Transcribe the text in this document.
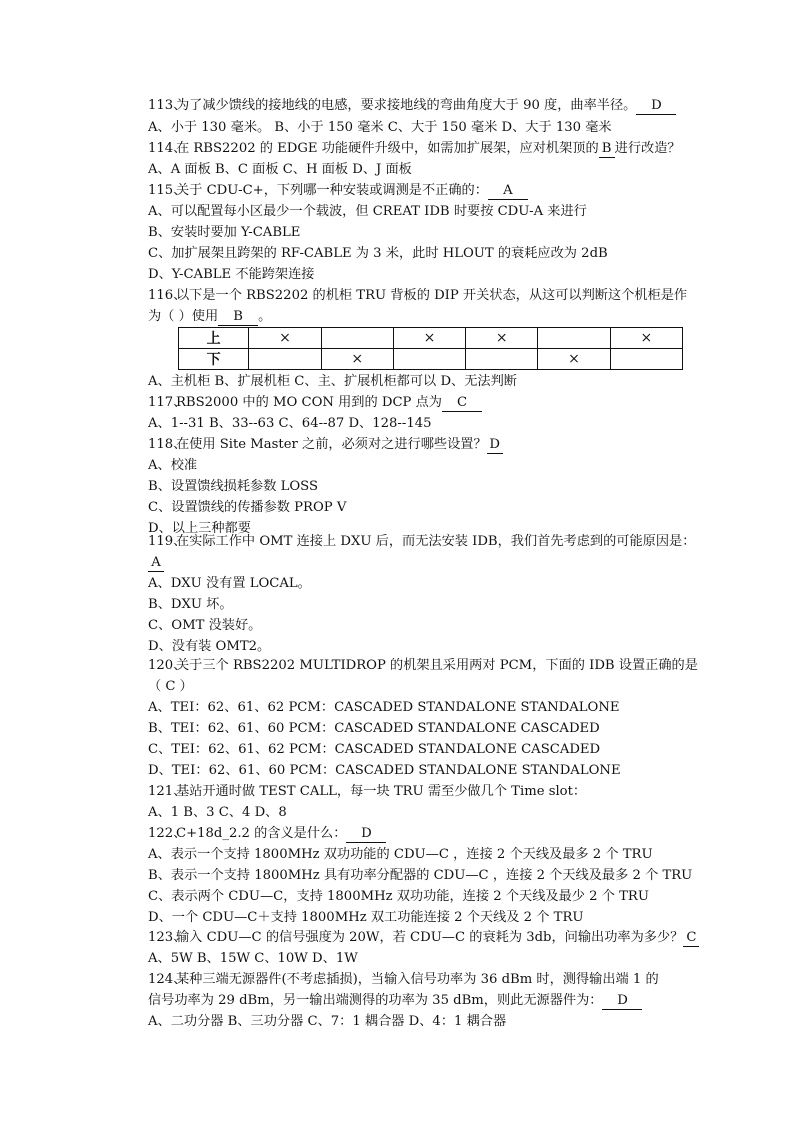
113、为了减少馈线的接地线的电感，要求接地线的弯曲角度大于 90 度，曲率半径。 D
A、小于 130 毫米。 B、小于 150 毫米 C、大于 150 毫米 D、大于 130 毫米
114、在 RBS2202 的 EDGE 功能硬件升级中，如需加扩展架，应对机架顶的 B 进行改造？
A、A 面板 B、C 面板 C、H 面板 D、J 面板
115、关于 CDU-C+，下列哪一种安装或调测是不正确的： A
A、可以配置每小区最少一个载波，但 CREAT IDB 时要按 CDU-A 来进行
B、安装时要加 Y-CABLE
C、加扩展架且跨架的 RF-CABLE 为 3 米，此时 HLOUT 的衰耗应改为 2dB
D、Y-CABLE 不能跨架连接
116、以下是一个 RBS2202 的机柜 TRU 背板的 DIP 开关状态，从这可以判断这个机柜是作
为（ ）使用 B 。
上	×		×	×		×
下		×			×	
A、主机柜 B、扩展机柜 C、主、扩展机柜都可以 D、无法判断
117、RBS2000 中的 MO CON 用到的 DCP 点为 C
A、1--31 B、33--63 C、64--87 D、128--145
118、在使用 Site Master 之前，必须对之进行哪些设置？ D
A、校准
B、设置馈线损耗参数 LOSS
C、设置馈线的传播参数 PROP V
D、以上三种都要
119、在实际工作中 OMT 连接上 DXU 后，而无法安装 IDB，我们首先考虑到的可能原因是：
A
A、DXU 没有置 LOCAL。
B、DXU 坏。
C、OMT 没装好。
D、没有装 OMT2。
120、关于三个 RBS2202 MULTIDROP 的机架且采用两对 PCM，下面的 IDB 设置正确的是
（ C ）
A、TEI：62、61、62 PCM：CASCADED STANDALONE STANDALONE
B、TEI：62、61、60 PCM：CASCADED STANDALONE CASCADED
C、TEI：62、61、62 PCM：CASCADED STANDALONE CASCADED
D、TEI：62、61、60 PCM：CASCADED STANDALONE STANDALONE
121、基站开通时做 TEST CALL，每一块 TRU 需至少做几个 Time slot：
A、1 B、3 C、4 D、8
122、C+18d_2.2 的含义是什么： D
A、表示一个支持 1800MHz 双功功能的 CDU—C ，连接 2 个天线及最多 2 个 TRU
B、表示一个支持 1800MHz 具有功率分配器的 CDU—C ，连接 2 个天线及最多 2 个 TRU
C、表示两个 CDU—C，支持 1800MHz 双功功能，连接 2 个天线及最少 2 个 TRU
D、一个 CDU—C＋支持 1800MHz 双工功能连接 2 个天线及 2 个 TRU
123、输入 CDU—C 的信号强度为 20W，若 CDU—C 的衰耗为 3db，问输出功率为多少？ C
A、5W B、15W C、10W D、1W
124、某种三端无源器件(不考虑插损)，当输入信号功率为 36 dBm 时，测得输出端 1 的
信号功率为 29 dBm，另一输出端测得的功率为 35 dBm，则此无源器件为： D
A、二功分器 B、三功分器 C、7：1 耦合器 D、4：1 耦合器
